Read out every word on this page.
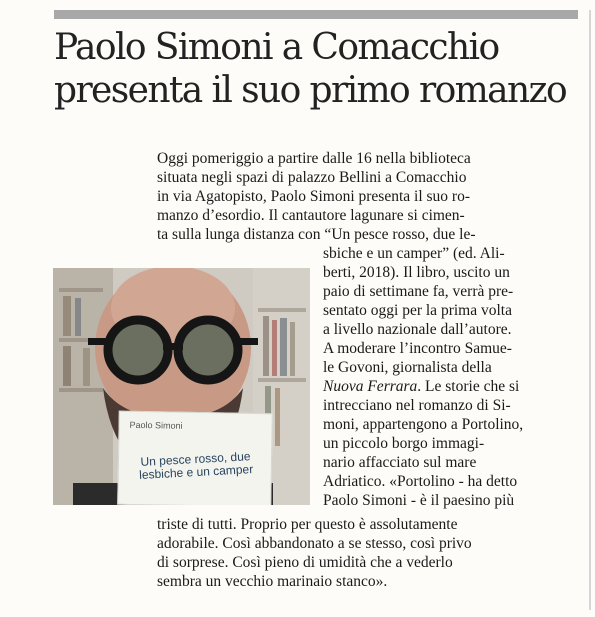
Paolo Simoni a Comacchio
presenta il suo primo romanzo
Oggi pomeriggio a partire dalle 16 nella biblioteca
situata negli spazi di palazzo Bellini a Comacchio
in via Agatopisto, Paolo Simoni presenta il suo ro-
manzo d’esordio. Il cantautore lagunare si cimen-
ta sulla lunga distanza con “Un pesce rosso, due le-
sbiche e un camper” (ed. Ali-
berti, 2018). Il libro, uscito un
paio di settimane fa, verrà pre-
sentato oggi per la prima volta
a livello nazionale dall’autore.
A moderare l’incontro Samue-
le Govoni, giornalista della
Nuova Ferrara. Le storie che si
intrecciano nel romanzo di Si-
moni, appartengono a Portolino,
un piccolo borgo immagi-
nario affacciato sul mare
Adriatico. «Portolino - ha detto
Paolo Simoni - è il paesino più
triste di tutti. Proprio per questo è assolutamente
adorabile. Così abbandonato a se stesso, così privo
di sorprese. Così pieno di umidità che a vederlo
sembra un vecchio marinaio stanco».
Paolo Simoni
Un pesce rosso, due lesbiche e un camper
